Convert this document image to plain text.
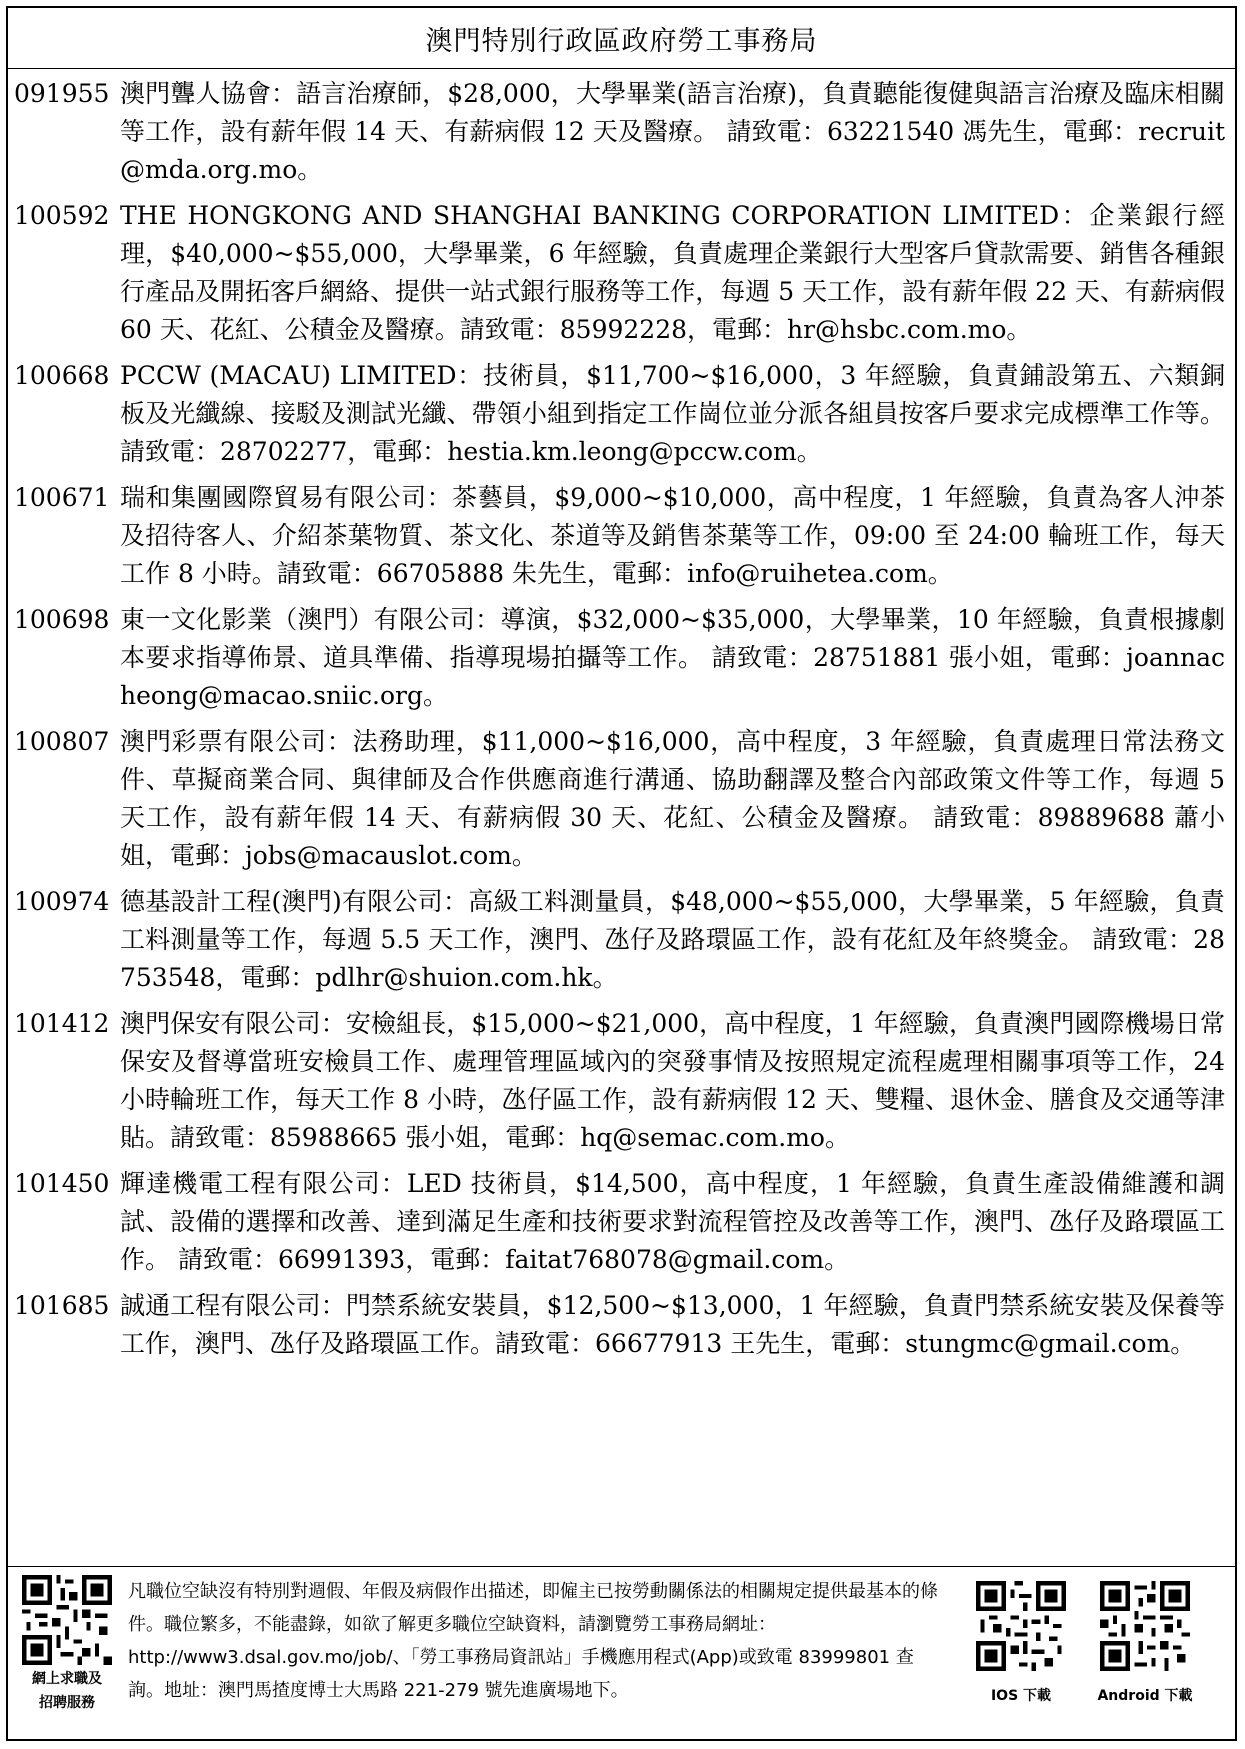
澳門特別行政區政府勞工事務局
091955 澳門聾人協會：語言治療師，$28,000，大學畢業(語言治療)，負責聽能復健與語言治療及臨床相關等工作，設有薪年假 14 天、有薪病假 12 天及醫療。 請致電：63221540 馮先生，電郵：recruit@mda.org.mo。
100592 THE HONGKONG AND SHANGHAI BANKING CORPORATION LIMITED：企業銀行經理，$40,000~$55,000，大學畢業，6 年經驗，負責處理企業銀行大型客戶貸款需要、銷售各種銀行產品及開拓客戶網絡、提供一站式銀行服務等工作，每週 5 天工作，設有薪年假 22 天、有薪病假 60 天、花紅、公積金及醫療。請致電：85992228，電郵：hr@hsbc.com.mo。
100668 PCCW (MACAU) LIMITED：技術員，$11,700~$16,000，3 年經驗，負責鋪設第五、六類銅板及光纖線、接駁及測試光纖、帶領小組到指定工作崗位並分派各組員按客戶要求完成標準工作等。 請致電：28702277，電郵：hestia.km.leong@pccw.com。
100671 瑞和集團國際貿易有限公司：茶藝員，$9,000~$10,000，高中程度，1 年經驗，負責為客人沖茶及招待客人、介紹茶葉物質、茶文化、茶道等及銷售茶葉等工作，09:00 至 24:00 輪班工作，每天工作 8 小時。請致電：66705888 朱先生，電郵：info@ruihetea.com。
100698 東一文化影業（澳門）有限公司：導演，$32,000~$35,000，大學畢業，10 年經驗，負責根據劇本要求指導佈景、道具準備、指導現場拍攝等工作。 請致電：28751881 張小姐，電郵：joannacheong@macao.sniic.org。
100807 澳門彩票有限公司：法務助理，$11,000~$16,000，高中程度，3 年經驗，負責處理日常法務文件、草擬商業合同、與律師及合作供應商進行溝通、協助翻譯及整合內部政策文件等工作，每週 5 天工作，設有薪年假 14 天、有薪病假 30 天、花紅、公積金及醫療。 請致電：89889688 蕭小姐，電郵：jobs@macauslot.com。
100974 德基設計工程(澳門)有限公司：高級工料測量員，$48,000~$55,000，大學畢業，5 年經驗，負責工料測量等工作，每週 5.5 天工作，澳門、氹仔及路環區工作，設有花紅及年終獎金。 請致電：28753548，電郵：pdlhr@shuion.com.hk。
101412 澳門保安有限公司：安檢組長，$15,000~$21,000，高中程度，1 年經驗，負責澳門國際機場日常保安及督導當班安檢員工作、處理管理區域內的突發事情及按照規定流程處理相關事項等工作，24 小時輪班工作，每天工作 8 小時，氹仔區工作，設有薪病假 12 天、雙糧、退休金、膳食及交通等津貼。請致電：85988665 張小姐，電郵：hq@semac.com.mo。
101450 輝達機電工程有限公司：LED 技術員，$14,500，高中程度，1 年經驗，負責生產設備維護和調試、設備的選擇和改善、達到滿足生產和技術要求對流程管控及改善等工作，澳門、氹仔及路環區工作。 請致電：66991393，電郵：faitat768078@gmail.com。
101685 誠通工程有限公司：門禁系統安裝員，$12,500~$13,000，1 年經驗，負責門禁系統安裝及保養等工作，澳門、氹仔及路環區工作。請致電：66677913 王先生，電郵：stungmc@gmail.com。
網上求職及
招聘服務
凡職位空缺沒有特別對週假、年假及病假作出描述，即僱主已按勞動關係法的相關規定提供最基本的條件。職位繁多，不能盡錄，如欲了解更多職位空缺資料，請瀏覽勞工事務局網址：http://www3.dsal.gov.mo/job/、「勞工事務局資訊站」手機應用程式(App)或致電 83999801 查詢。地址：澳門馬揸度博士大馬路 221-279 號先進廣場地下。	IOS 下載	Android 下載
